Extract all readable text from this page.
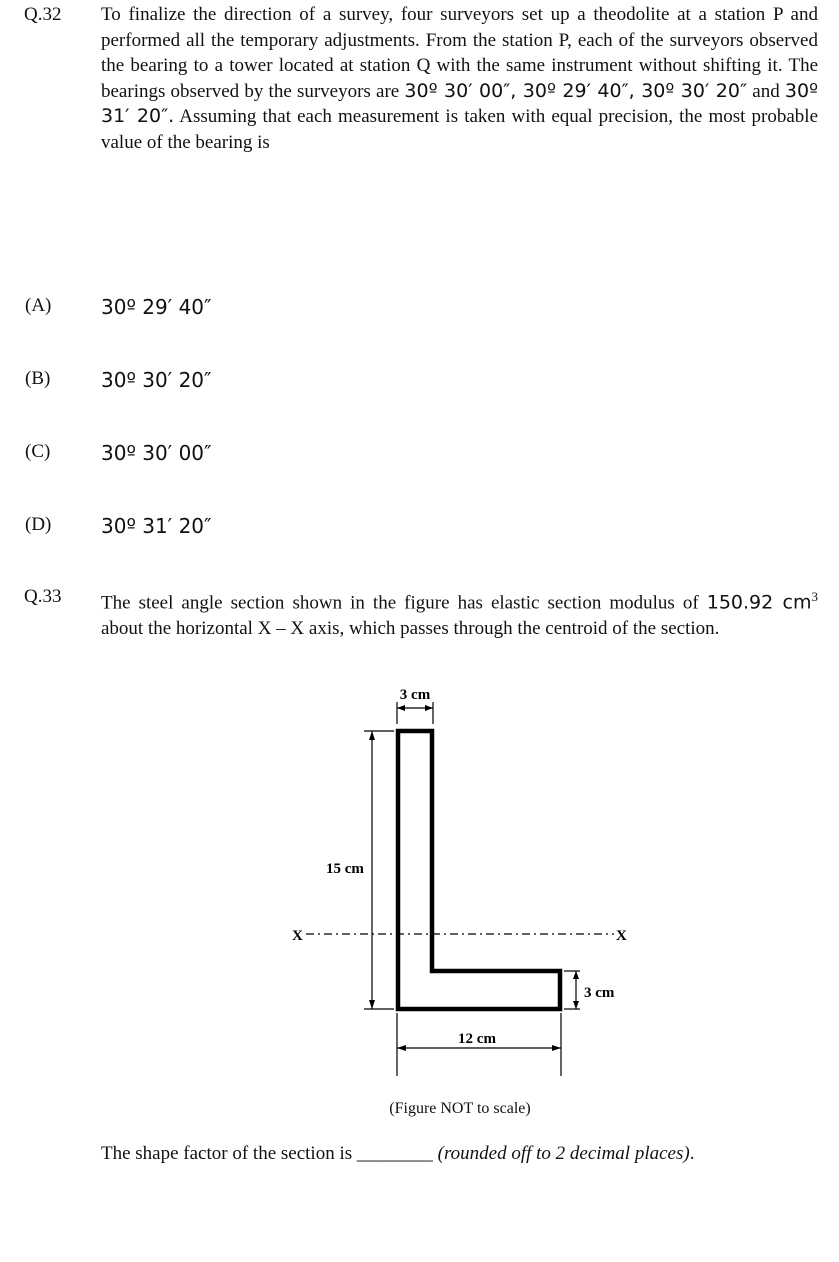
Q.32 To finalize the direction of a survey, four surveyors set up a theodolite at a station P and performed all the temporary adjustments. From the station P, each of the surveyors observed the bearing to a tower located at station Q with the same instrument without shifting it. The bearings observed by the surveyors are 30º 30′ 00″, 30º 29′ 40″, 30º 30′ 20″ and 30º 31′ 20″. Assuming that each measurement is taken with equal precision, the most probable value of the bearing is

(A) 30º 29′ 40″
(B)	30º 30′ 20″
(C)	30º 30′ 00″
(D) 30º 31′ 20″
Q.33 The steel angle section shown in the figure has elastic section modulus of 150.92 $cm^3$ about the horizontal X – X axis, which passes through the centroid of the section.

3 cm
15 cm
X	X
3 cm
12 cm
(Figure NOT to scale)
The shape factor of the section is ________ (rounded off to 2 decimal places).
